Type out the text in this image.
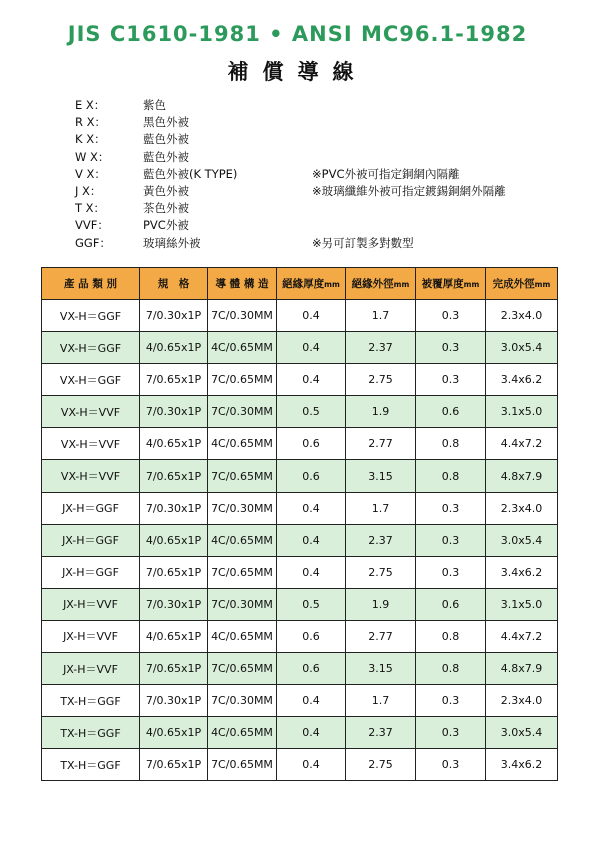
JIS C1610-1981 • ANSI MC96.1-1982
補償導線
E X：	紫色
R X：	黑色外被
K X：	藍色外被
W X：	藍色外被
V X：	藍色外被(K TYPE)	※PVC外被可指定銅網內隔離
J X：	黃色外被	※玻璃纖維外被可指定鍍錫銅網外隔離
T X：	茶色外被
VVF：	PVC外被
GGF：	玻璃絲外被	※另可訂製多對數型
產 品 類 別	規　格	導 體 構 造	絕緣厚度mm	絕緣外徑mm	被覆厚度mm	完成外徑mm
VX-H＝GGF	7/0.30x1P	7C/0.30MM	0.4	1.7	0.3	2.3x4.0
VX-H＝GGF	4/0.65x1P	4C/0.65MM	0.4	2.37	0.3	3.0x5.4
VX-H＝GGF	7/0.65x1P	7C/0.65MM	0.4	2.75	0.3	3.4x6.2
VX-H＝VVF	7/0.30x1P	7C/0.30MM	0.5	1.9	0.6	3.1x5.0
VX-H＝VVF	4/0.65x1P	4C/0.65MM	0.6	2.77	0.8	4.4x7.2
VX-H＝VVF	7/0.65x1P	7C/0.65MM	0.6	3.15	0.8	4.8x7.9
JX-H＝GGF	7/0.30x1P	7C/0.30MM	0.4	1.7	0.3	2.3x4.0
JX-H＝GGF	4/0.65x1P	4C/0.65MM	0.4	2.37	0.3	3.0x5.4
JX-H＝GGF	7/0.65x1P	7C/0.65MM	0.4	2.75	0.3	3.4x6.2
JX-H＝VVF	7/0.30x1P	7C/0.30MM	0.5	1.9	0.6	3.1x5.0
JX-H＝VVF	4/0.65x1P	4C/0.65MM	0.6	2.77	0.8	4.4x7.2
JX-H＝VVF	7/0.65x1P	7C/0.65MM	0.6	3.15	0.8	4.8x7.9
TX-H＝GGF	7/0.30x1P	7C/0.30MM	0.4	1.7	0.3	2.3x4.0
TX-H＝GGF	4/0.65x1P	4C/0.65MM	0.4	2.37	0.3	3.0x5.4
TX-H＝GGF	7/0.65x1P	7C/0.65MM	0.4	2.75	0.3	3.4x6.2
